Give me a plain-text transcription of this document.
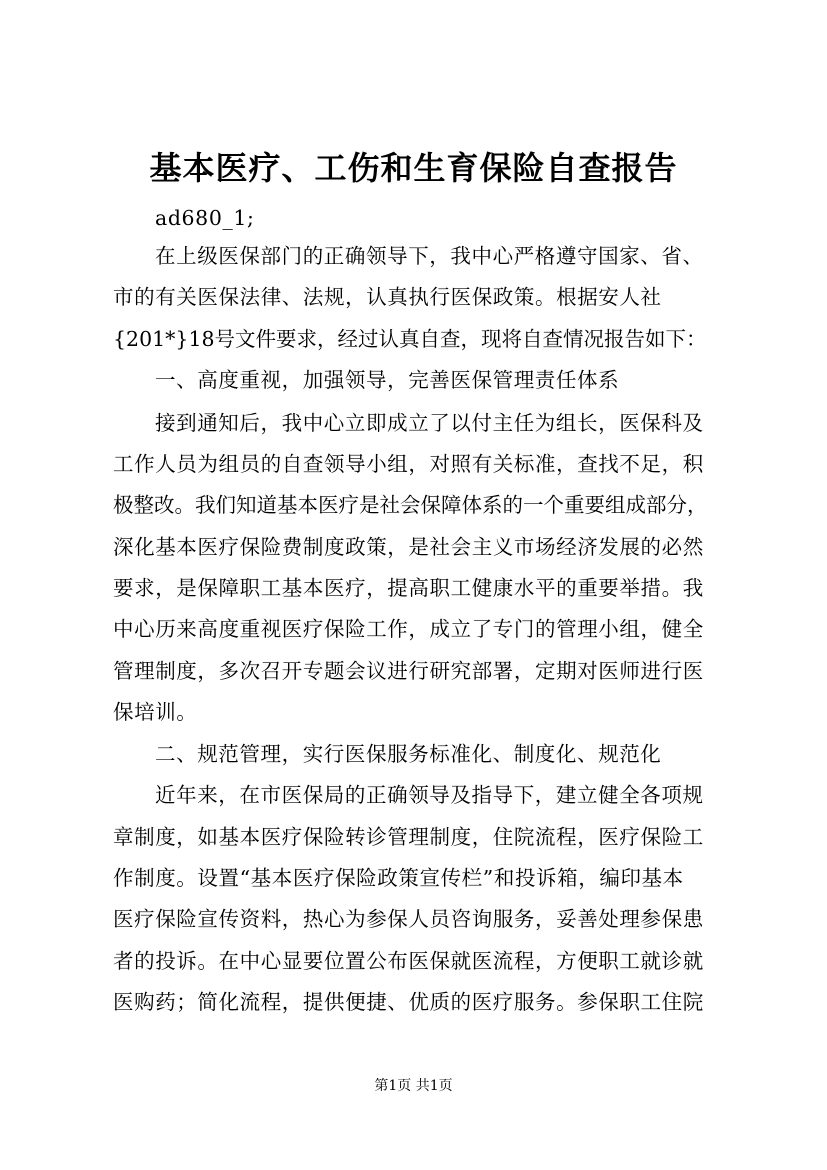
基本医疗、工伤和生育保险自查报告
ad680_1;
在上级医保部门的正确领导下，我中心严格遵守国家、省、
市的有关医保法律、法规，认真执行医保政策。根据安人社
{201*}18号文件要求，经过认真自查，现将自查情况报告如下：
一、高度重视，加强领导，完善医保管理责任体系
接到通知后，我中心立即成立了以付主任为组长，医保科及
工作人员为组员的自查领导小组，对照有关标准，查找不足，积
极整改。我们知道基本医疗是社会保障体系的一个重要组成部分，
深化基本医疗保险费制度政策，是社会主义市场经济发展的必然
要求，是保障职工基本医疗，提高职工健康水平的重要举措。我
中心历来高度重视医疗保险工作，成立了专门的管理小组，健全
管理制度，多次召开专题会议进行研究部署，定期对医师进行医
保培训。
二、规范管理，实行医保服务标准化、制度化、规范化
近年来，在市医保局的正确领导及指导下，建立健全各项规
章制度，如基本医疗保险转诊管理制度，住院流程，医疗保险工
作制度。设置“基本医疗保险政策宣传栏”和投诉箱，编印基本
医疗保险宣传资料，热心为参保人员咨询服务，妥善处理参保患
者的投诉。在中心显要位置公布医保就医流程，方便职工就诊就
医购药；简化流程，提供便捷、优质的医疗服务。参保职工住院
第1页 共1页
